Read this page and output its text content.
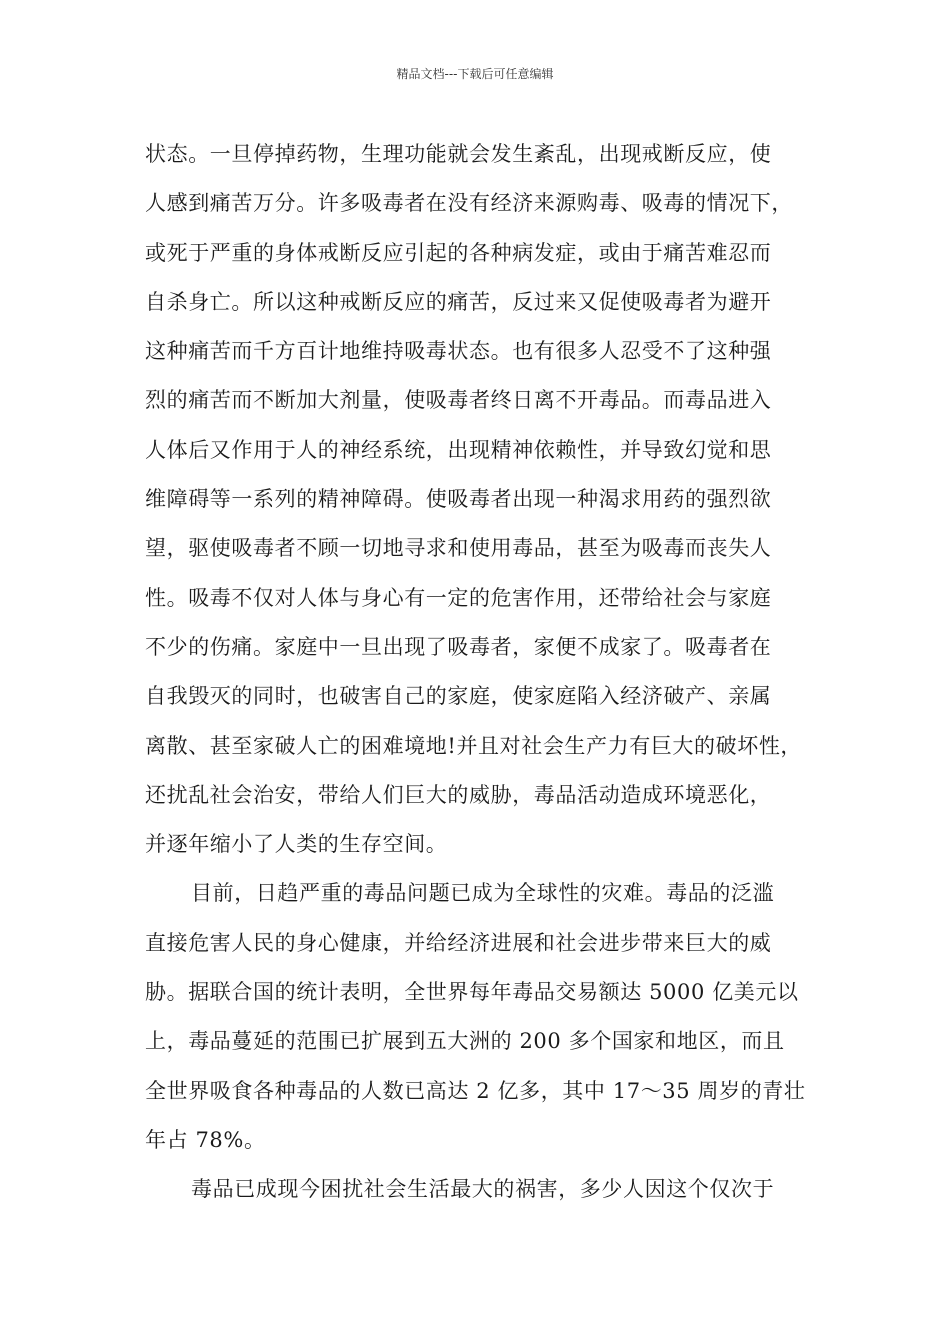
精品文档---下载后可任意编辑
状态。一旦停掉药物，生理功能就会发生紊乱，出现戒断反应，使
人感到痛苦万分。许多吸毒者在没有经济来源购毒、吸毒的情况下，
或死于严重的身体戒断反应引起的各种病发症，或由于痛苦难忍而
自杀身亡。所以这种戒断反应的痛苦，反过来又促使吸毒者为避开
这种痛苦而千方百计地维持吸毒状态。也有很多人忍受不了这种强
烈的痛苦而不断加大剂量，使吸毒者终日离不开毒品。而毒品进入
人体后又作用于人的神经系统，出现精神依赖性，并导致幻觉和思
维障碍等一系列的精神障碍。使吸毒者出现一种渴求用药的强烈欲
望，驱使吸毒者不顾一切地寻求和使用毒品，甚至为吸毒而丧失人
性。吸毒不仅对人体与身心有一定的危害作用，还带给社会与家庭
不少的伤痛。家庭中一旦出现了吸毒者，家便不成家了。吸毒者在
自我毁灭的同时，也破害自己的家庭，使家庭陷入经济破产、亲属
离散、甚至家破人亡的困难境地!并且对社会生产力有巨大的破坏性，
还扰乱社会治安，带给人们巨大的威胁，毒品活动造成环境恶化，
并逐年缩小了人类的生存空间。
目前，日趋严重的毒品问题已成为全球性的灾难。毒品的泛滥
直接危害人民的身心健康，并给经济进展和社会进步带来巨大的威
胁。据联合国的统计表明，全世界每年毒品交易额达 5000 亿美元以
上，毒品蔓延的范围已扩展到五大洲的 200 多个国家和地区，而且
全世界吸食各种毒品的人数已高达 2 亿多，其中 17～35 周岁的青壮
年占 78%。
毒品已成现今困扰社会生活最大的祸害，多少人因这个仅次于
